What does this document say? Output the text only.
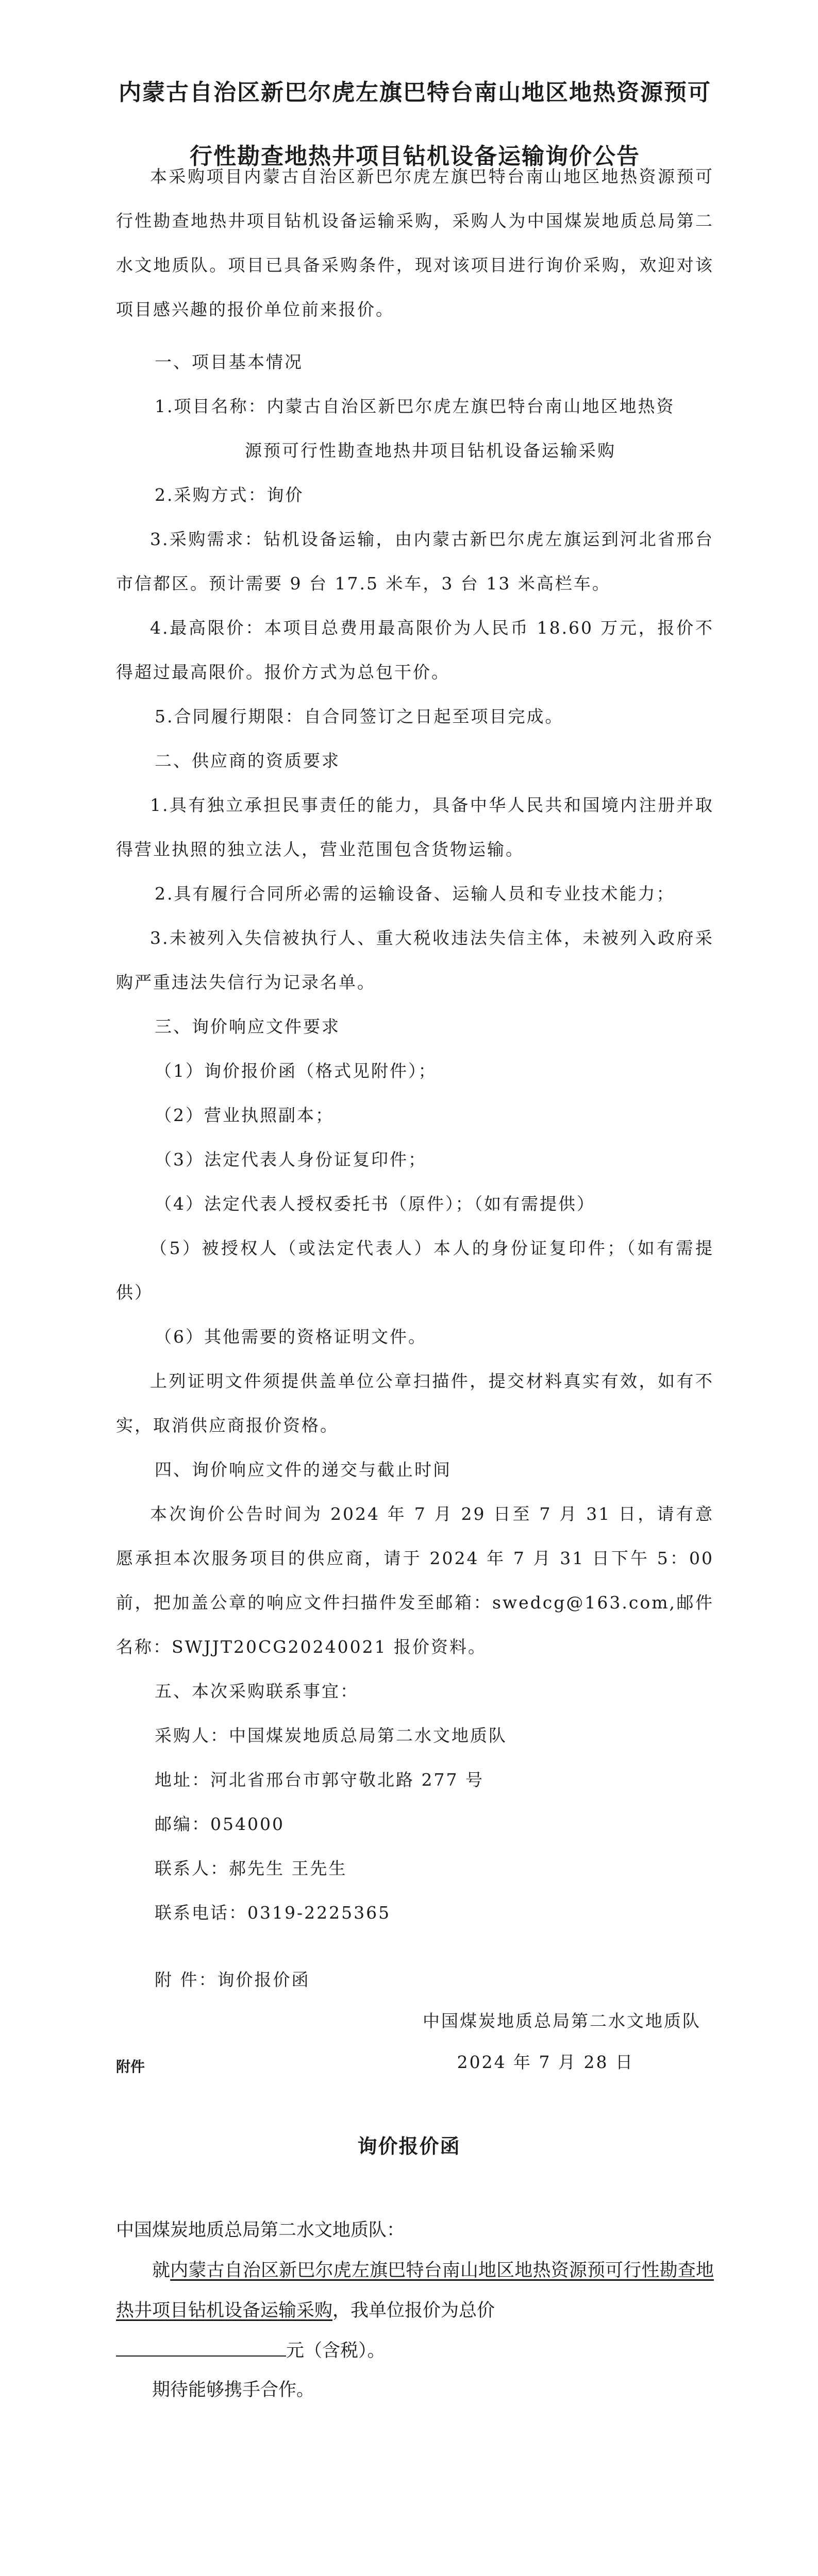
内蒙古自治区新巴尔虎左旗巴特台南山地区地热资源预可行性勘查地热井项目钻机设备运输询价公告
本采购项目内蒙古自治区新巴尔虎左旗巴特台南山地区地热资源预可行性勘查地热井项目钻机设备运输采购，采购人为中国煤炭地质总局第二水文地质队。项目已具备采购条件，现对该项目进行询价采购，欢迎对该项目感兴趣的报价单位前来报价。
一、项目基本情况
1.项目名称：内蒙古自治区新巴尔虎左旗巴特台南山地区地热资
源预可行性勘查地热井项目钻机设备运输采购
2.采购方式：询价
3.采购需求：钻机设备运输，由内蒙古新巴尔虎左旗运到河北省邢台市信都区。预计需要 9 台 17.5 米车，3 台 13 米高栏车。
4.最高限价：本项目总费用最高限价为人民币 18.60 万元，报价不得超过最高限价。报价方式为总包干价。
5.合同履行期限：自合同签订之日起至项目完成。
二、供应商的资质要求
1.具有独立承担民事责任的能力，具备中华人民共和国境内注册并取得营业执照的独立法人，营业范围包含货物运输。
2.具有履行合同所必需的运输设备、运输人员和专业技术能力；
3.未被列入失信被执行人、重大税收违法失信主体，未被列入政府采购严重违法失信行为记录名单。
三、询价响应文件要求
（1）询价报价函（格式见附件）；
（2）营业执照副本；
（3）法定代表人身份证复印件；
（4）法定代表人授权委托书（原件）；（如有需提供）
（5）被授权人（或法定代表人）本人的身份证复印件；（如有需提供）
（6）其他需要的资格证明文件。
上列证明文件须提供盖单位公章扫描件，提交材料真实有效，如有不实，取消供应商报价资格。
四、询价响应文件的递交与截止时间
本次询价公告时间为 2024 年 7 月 29 日至 7 月 31 日，请有意愿承担本次服务项目的供应商，请于 2024 年 7 月 31 日下午 5：00 前，把加盖公章的响应文件扫描件发至邮箱：swedcg@163.com,邮件名称：SWJJT20CG20240021 报价资料。
五、本次采购联系事宜：
采购人：中国煤炭地质总局第二水文地质队
地址：河北省邢台市郭守敬北路 277 号
邮编：054000
联系人：郝先生 王先生
联系电话：0319-2225365
附 件：询价报价函
中国煤炭地质总局第二水文地质队
2024 年 7 月 28 日
附件
询价报价函
中国煤炭地质总局第二水文地质队：
就内蒙古自治区新巴尔虎左旗巴特台南山地区地热资源预可行性勘查地热井项目钻机设备运输采购，我单位报价为总价
元（含税）。
期待能够携手合作。
